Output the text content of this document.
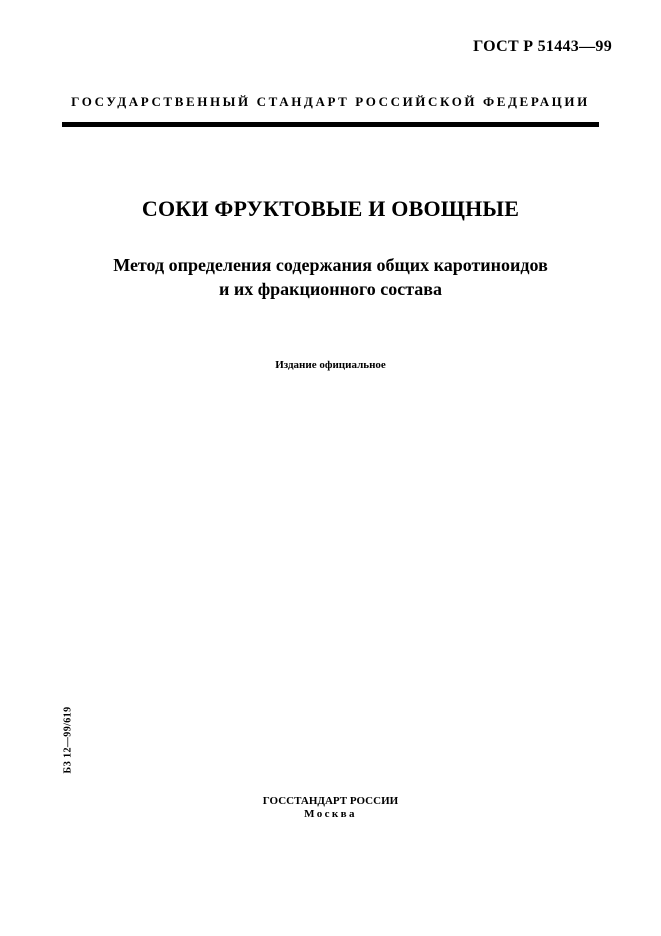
ГОСТ Р 51443—99
ГОСУДАРСТВЕННЫЙ СТАНДАРТ РОССИЙСКОЙ ФЕДЕРАЦИИ
СОКИ ФРУКТОВЫЕ И ОВОЩНЫЕ
Метод определения содержания общих каротиноидов
и их фракционного состава
Издание официальное
БЗ 12—99/619
ГОССТАНДАРТ РОССИИ
Москва
